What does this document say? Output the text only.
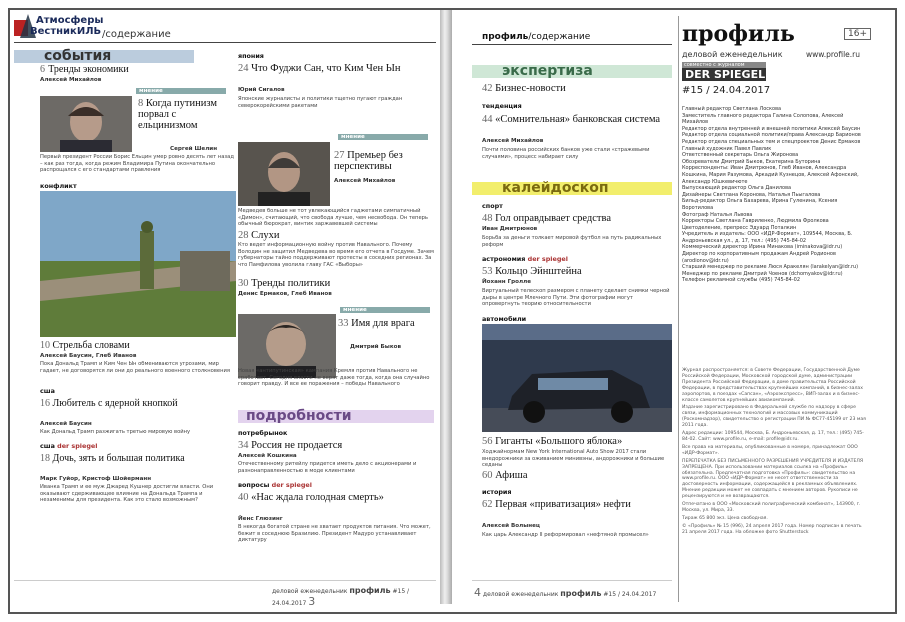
Атмосферы
ВестникИЛЬ /содержание
события
6 Тренды экономики
Алексей Михайлов
мнение
8 Когда путинизм порвал с ельцинизмом
Сергей Шелин
Первый президент России Борис Ельцин умер ровно десять лет назад – как раз тогда, когда режим Владимира Путина окончательно распрощался с его стандартами правления
конфликт
10 Стрельба словами
Алексей Баусин, Глеб Иванов
Пока Дональд Трамп и Ким Чен Ын обмениваются угрозами, мир гадает, не договорятся ли они до реального военного столкновения
сша
16 Любитель с ядерной кнопкой
Алексей Баусин
Как Дональд Трамп разжигать третью мировую войну
сша der spiegel
18 Дочь, зять и большая политика
Марк Гуйор, Кристоф Шойерманн
Иванка Трамп и ее муж Джаред Кушнер достигли власти. Они оказывают сдерживающее влияние на Дональда Трампа и незаменимы для президента. Как это стало возможным?
япония
24 Что Фуджи Сан, что Ким Чен Ын
Юрий Сигалов
Японские журналисты и политики тщетно пугают граждан северокорейскими ракетами
мнение
27 Премьер без перспективы
Алексей Михайлов
Медведев больше не тот увлекающийся гаджетами симпатичный «Димон», считающий, что свобода лучше, чем несвобода. Он теперь обычный бюрократ, винтик заржавевшей системы
28 Слухи
Кто ведет информационную войну против Навального. Почему Володин не защитил Медведева во время его отчета в Госдуме. Зачем губернаторы тайно поддерживают протесты в соседних регионах. За что Памфилова уволила главу ГАС «Выборы»
30 Тренды политики
Денис Ермаков, Глеб Иванов
мнение
33 Имя для врага
Дмитрий Быков
Новая «антипутинская» кампания Кремля против Навального не сработает. Сегодня власти не верят даже тогда, когда она случайно говорит правду. И все ее поражения – победы Навального
подробности
потребрынок
34 Россия не продается
Алексей Кошкина
Отечественному ритейлу придется иметь дело с акционерами и разнонаправленностью в моде клиентами
вопросы der spiegel
40 «Нас ждала голодная смерть»
Йенс Глюзинг
В некогда богатой стране не хватает продуктов питания. Что может, бежит в соседнюю Бразилию. Президент Мадуро устанавливает диктатуру
деловой еженедельник профиль #15 / 24.04.2017 3
профиль/содержание
экспертиза
42 Бизнес-новости
тенденция
44 «Сомнительная» банковская система
Алексей Михайлов
Почти половина российских банков уже стали «стражевыми случаями», процесс набирает силу
калейдоскоп
спорт
48 Гол оправдывает средства
Иван Дмитрюнов
Борьба за деньги толкает мировой футбол на путь радикальных реформ
астрономия der spiegel
53 Кольцо Эйнштейна
Йоханн Гролле
Виртуальный телескоп размером с планету сделает снимки черной дыры в центре Млечного Пути. Эти фотографии могут опровергнуть теорию относительности
автомобили
56 Гиганты «Большого яблока»
Ходжайнормам New York International Auto Show 2017 стали внедорожники за оживанием минивэны, андорожники и большие седаны
60 Афиша
история
62 Первая «приватизация» нефти
Алексей Волынец
Как царь Александр II реформировал «нефтяной промысел»
4 деловой еженедельник профиль #15 / 24.04.2017
профиль	16+
деловой еженедельник	www.profile.ru
совместно с журналом
DER SPIEGEL
#15 / 24.04.2017
Главный редактор Светлана Лоскова
Заместитель главного редактора Галина Солопова, Алексей Михайлов
Редактор отдела внутренней и внешней политики Алексей Баусин
Редактор отдела социальной политики/права Александр Барионов
Редактор отдела специальных тем и спецпроектов Денис Ермаков
Главный художник Павел Павлик
Ответственный секретарь Ольга Жиронова
Обозреватели Дмитрий Быков, Екатерина Буторина
Корреспонденты: Иван Дмитрюнов, Глеб Иванов, Александра Кошкина, Мария Разумова, Аркадий Кузнецов, Алексей Афонский, Александр Юшкевичюте
Выпускающий редактор Ольга Данилова
Дизайнеры Светлана Коронова, Наталья Пьыгалова
Бильд-редактор Ольга Бахарева, Ирина Гуленина, Ксения Воротилова
Фотограф Наталья Львова
Корректоры Светлана Гавриленко, Людмила Фролкова
Цветоделение, препресс Эдуард Поталкин
Учредитель и издатель: ООО «ИДР-Формат», 109544, Москва, Б. Андроньевская ул., д. 17, тел.: (495) 745-84-02
Коммерческий директор Ирина Минакова (iminakova@idr.ru)
Директор по корпоративным продажам Андрей Родионов (arodionov@idr.ru)
Старший менеджер по рекламе Люся Аракелян (larakelyan@idr.ru)
Менеджер по рекламе Дмитрий Чоенов (dchomyakov@idr.ru)
Телефон рекламной службы (495) 745-84-02
Журнал распространяется: в Совете Федерации, Государственной Думе Российской Федерации, Московской городской думе, администрации Президента Российской Федерации, в доме правительства Российской Федерации, в представительствах крупнейших компаний, в бизнес-залах аэропортов, в поездах «Сапсан», «Аэроэкспресс», ВИП-залах и в бизнес-классе самолетов крупнейших авиакомпаний.
Издание зарегистрировано в Федеральной службе по надзору в сфере связи, информационных технологий и массовых коммуникаций (Роскомнадзор), свидетельство о регистрации ПИ № ФС77-45199 от 23 мая 2011 года.
Адрес редакции: 109544, Москва, Б. Андроньевская, д. 17, тел.: (495) 745-84-02. Сайт: www.profile.ru, e-mail: profile@idr.ru.
Все права на материалы, опубликованные в номере, принадлежат ООО «ИДР-Формат».
ПЕРЕПЕЧАТКА БЕЗ ПИСЬМЕННОГО РАЗРЕШЕНИЯ УЧРЕДИТЕЛЯ И ИЗДАТЕЛЯ ЗАПРЕЩЕНА. При использовании материалов ссылка на «Профиль» обязательна. Предпечатная подготовка «Профиль»: свидетельство на www.profile.ru. ООО «ИДР-Формат» не несет ответственности за достоверность информации, содержащейся в рекламных объявлениях. Мнение редакции может не совпадать с мнением авторов. Рукописи не рецензируются и не возвращаются.
Отпечатано в ООО «Московский полиграфический комбинат», 143900, г. Москва, ул. Мира, 33.
Тираж 65 800 экз. Цена свободная.
© «Профиль» № 15 (996), 24 апреля 2017 года. Номер подписан в печать 21 апреля 2017 года. На обложке фото Shutterstock
